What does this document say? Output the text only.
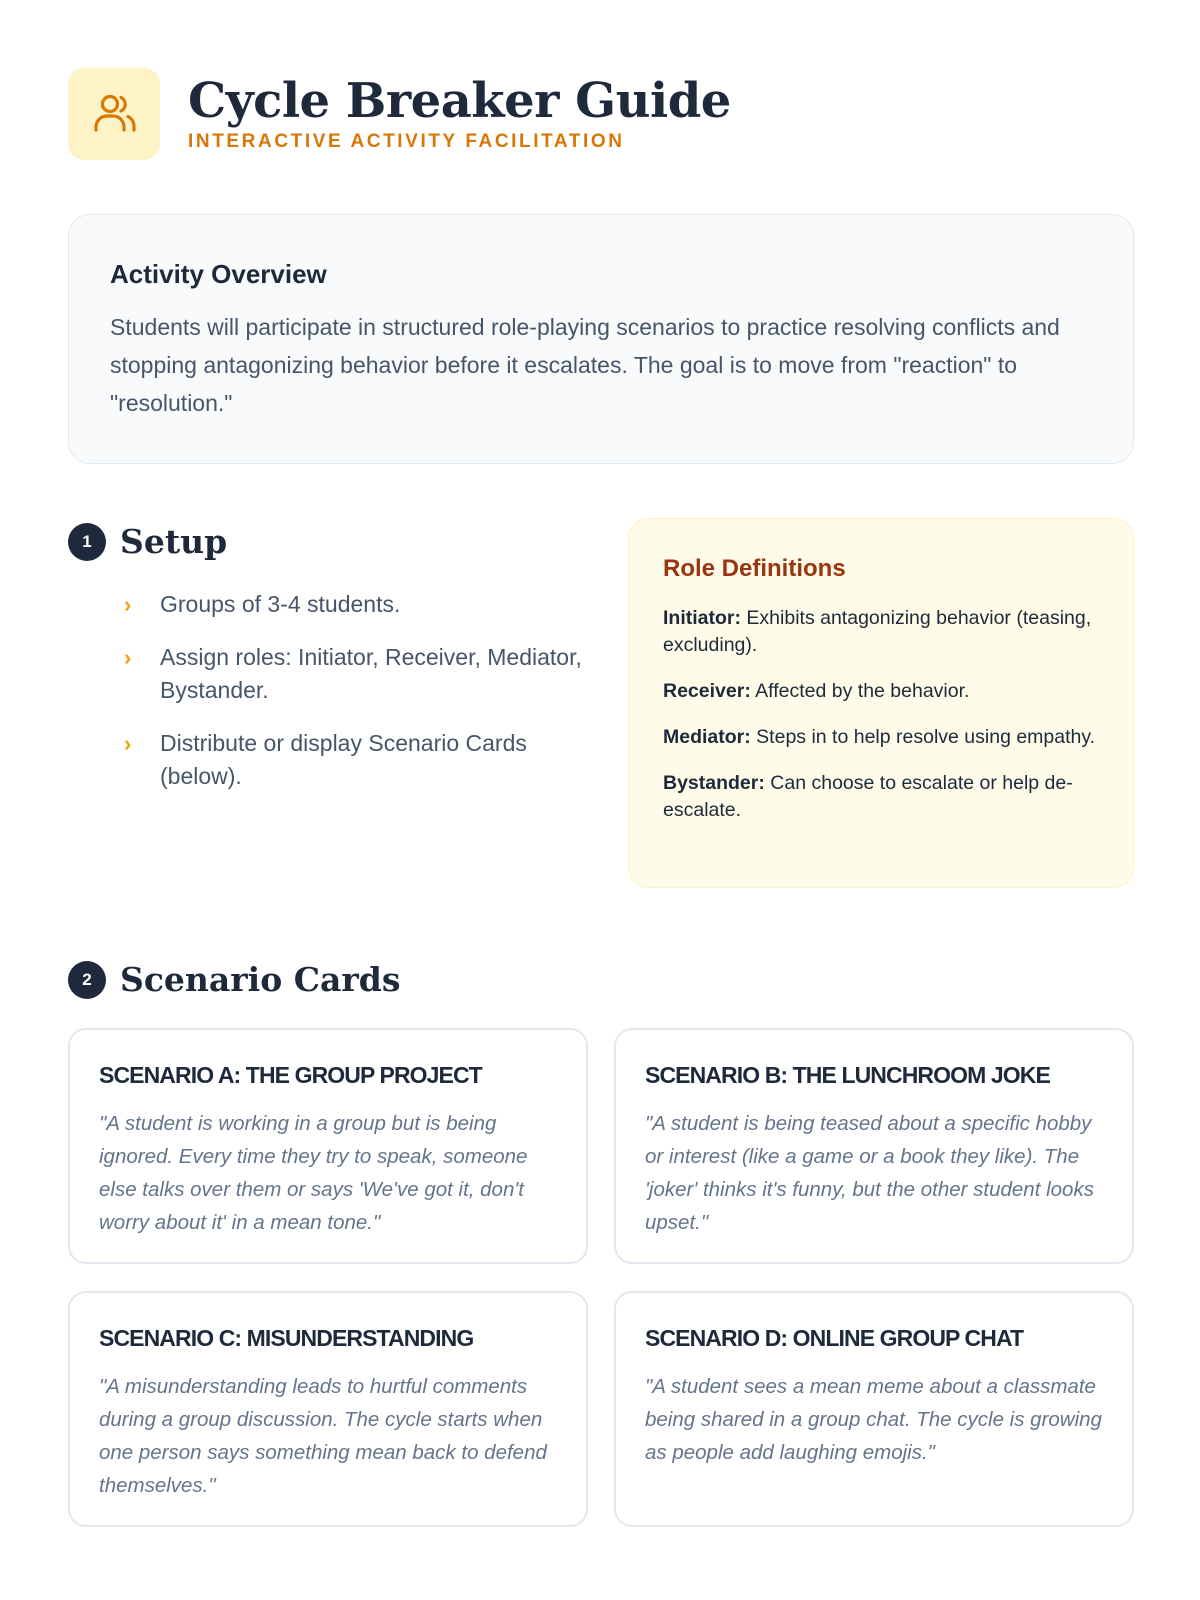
Cycle Breaker Guide
INTERACTIVE ACTIVITY FACILITATION
Activity Overview
Students will participate in structured role-playing scenarios to practice resolving conflicts and stopping antagonizing behavior before it escalates. The goal is to move from "reaction" to "resolution."
1 Setup
›	Groups of 3-4 students.
›	Assign roles: Initiator, Receiver, Mediator, Bystander.
›	Distribute or display Scenario Cards (below).
Role Definitions
Initiator: Exhibits antagonizing behavior (teasing, excluding).
Receiver: Affected by the behavior.
Mediator: Steps in to help resolve using empathy.
Bystander: Can choose to escalate or help de-escalate.
2 Scenario Cards
SCENARIO A: THE GROUP PROJECT
"A student is working in a group but is being ignored. Every time they try to speak, someone else talks over them or says 'We've got it, don't worry about it' in a mean tone."
SCENARIO B: THE LUNCHROOM JOKE
"A student is being teased about a specific hobby or interest (like a game or a book they like). The 'joker' thinks it's funny, but the other student looks upset."
SCENARIO C: MISUNDERSTANDING
"A misunderstanding leads to hurtful comments during a group discussion. The cycle starts when one person says something mean back to defend themselves."
SCENARIO D: ONLINE GROUP CHAT
"A student sees a mean meme about a classmate being shared in a group chat. The cycle is growing as people add laughing emojis."
